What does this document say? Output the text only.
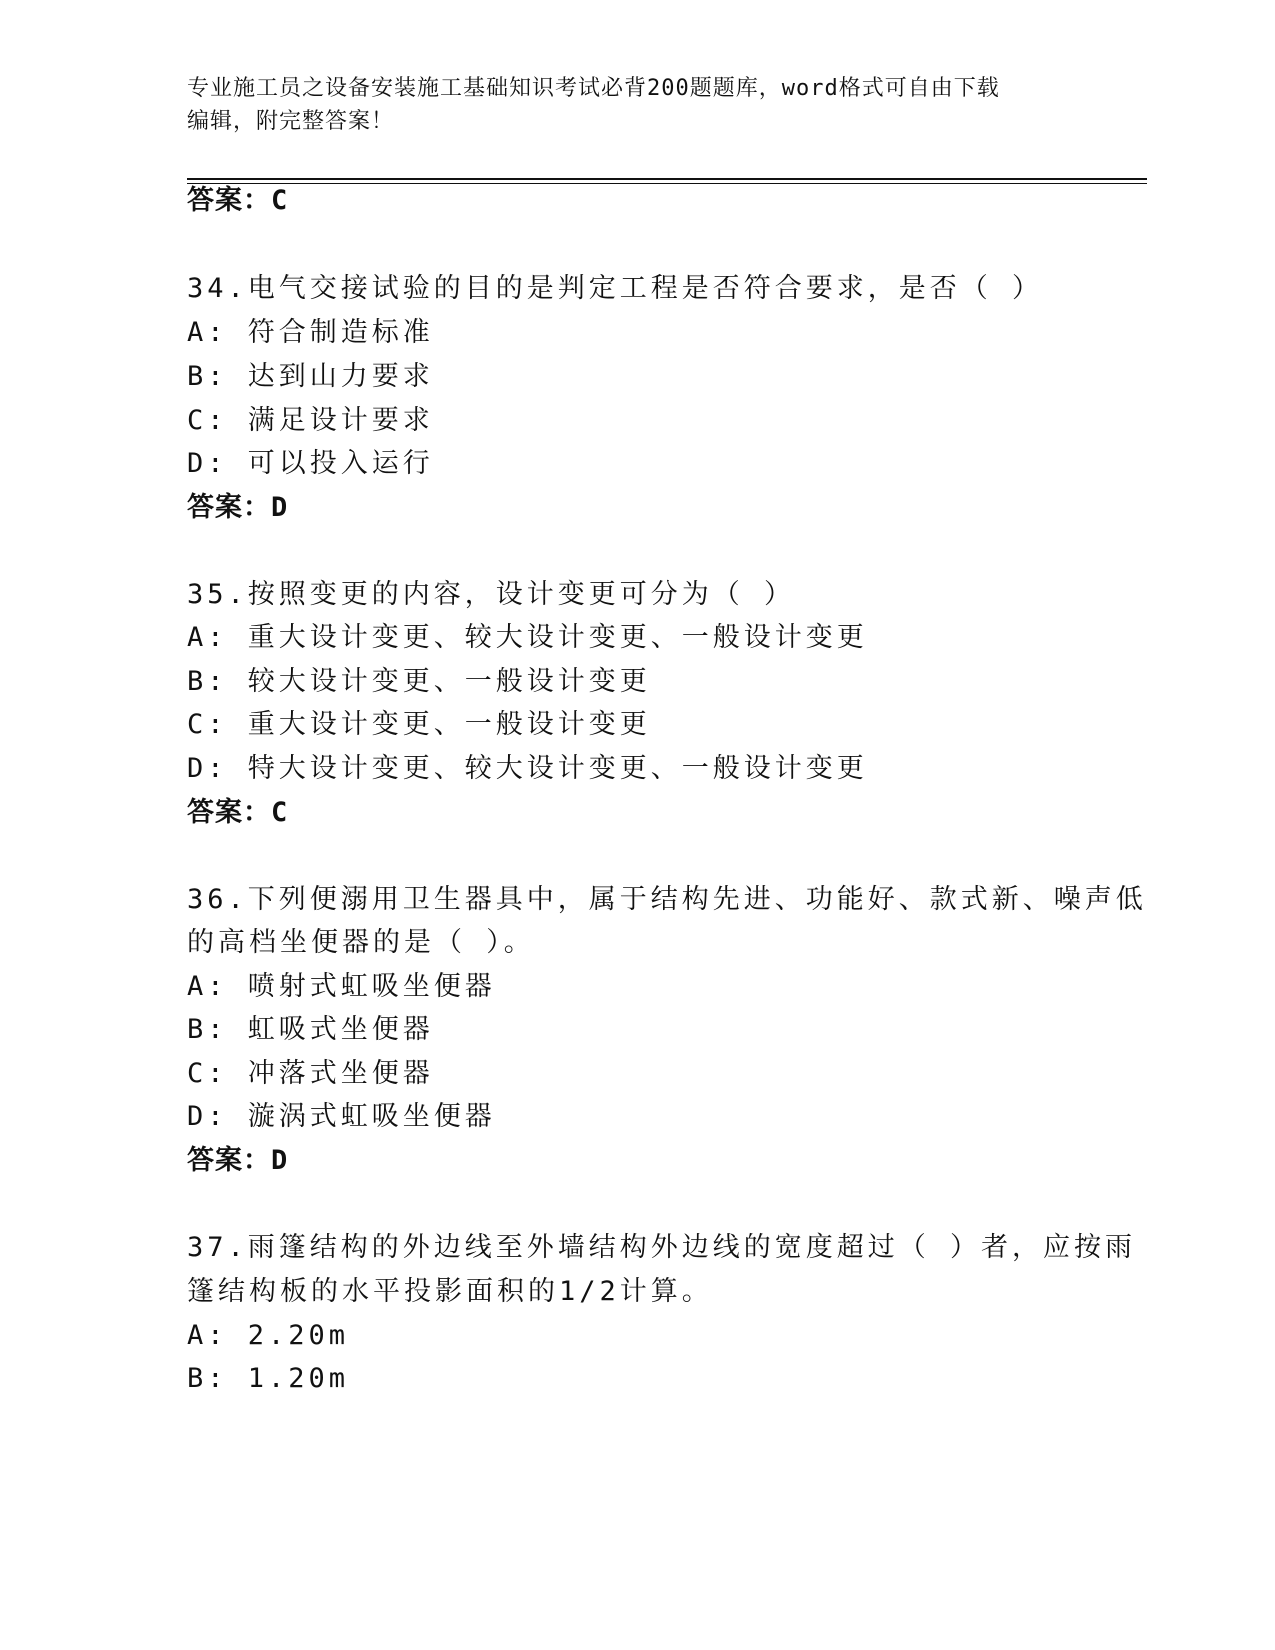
专业施工员之设备安装施工基础知识考试必背200题题库，word格式可自由下载
编辑，附完整答案！
答案：C
34.电气交接试验的目的是判定工程是否符合要求，是否（ ）
A: 符合制造标准
B: 达到山力要求
C: 满足设计要求
D: 可以投入运行
答案：D
35.按照变更的内容，设计变更可分为（ ）
A: 重大设计变更、较大设计变更、一般设计变更
B: 较大设计变更、一般设计变更
C: 重大设计变更、一般设计变更
D: 特大设计变更、较大设计变更、一般设计变更
答案：C
36.下列便溺用卫生器具中，属于结构先进、功能好、款式新、噪声低
的高档坐便器的是（ ）。
A: 喷射式虹吸坐便器
B: 虹吸式坐便器
C: 冲落式坐便器
D: 漩涡式虹吸坐便器
答案：D
37.雨篷结构的外边线至外墙结构外边线的宽度超过（ ）者，应按雨
篷结构板的水平投影面积的1/2计算。
A: 2.20m
B: 1.20m
